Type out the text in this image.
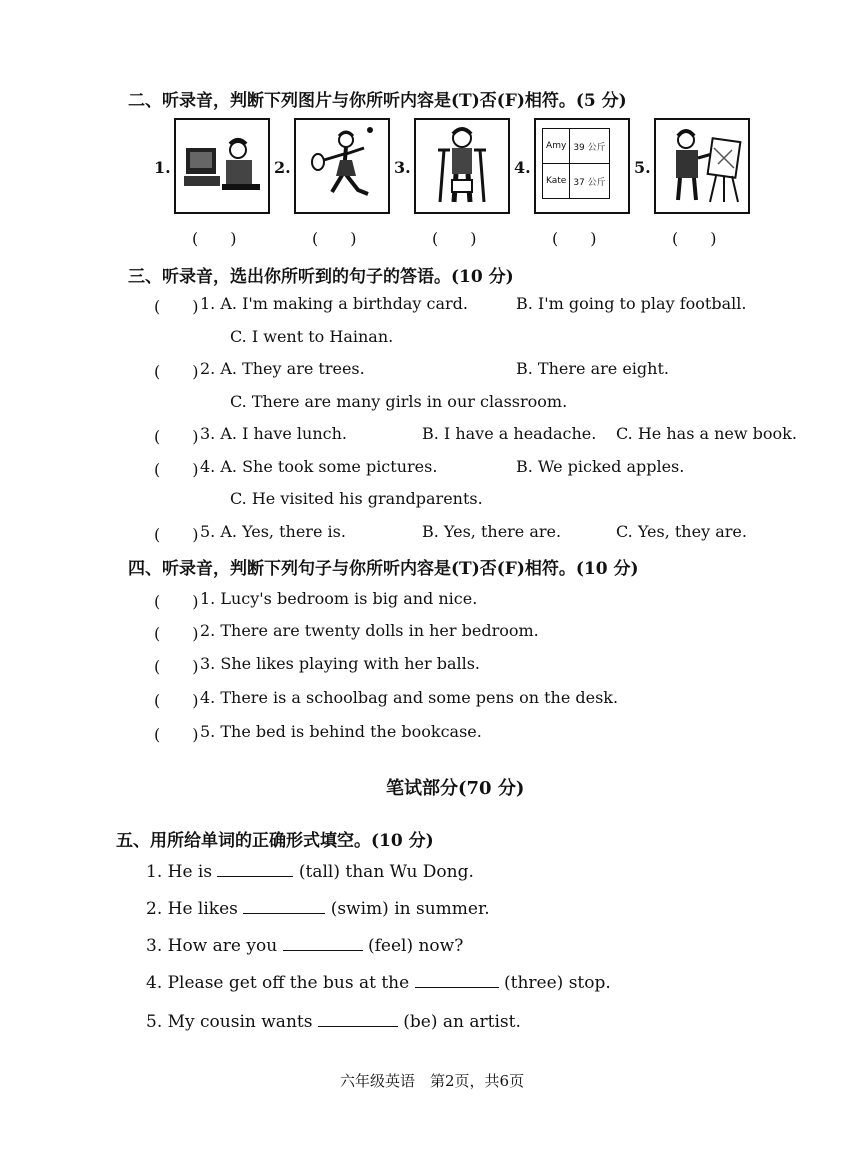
二、听录音，判断下列图片与你所听内容是(T)否(F)相符。(5 分)
1.	2.	3.	4.
Amy	39 公斤
Kate	37 公斤
5.
(　　)	(　　)	(　　)	(　　)	(　　)
三、听录音，选出你所听到的句子的答语。(10 分)
(　　) 1. A. I'm making a birthday card.	B. I'm going to play football.
C. I went to Hainan.
(　　) 2. A. They are trees.	B. There are eight.
C. There are many girls in our classroom.
(　　) 3. A. I have lunch.	B. I have a headache. C. He has a new book.
(　　) 4. A. She took some pictures.	B. We picked apples.
C. He visited his grandparents.
(　　) 5. A. Yes, there is.	B. Yes, there are.	C. Yes, they are.
四、听录音，判断下列句子与你所听内容是(T)否(F)相符。(10 分)
(　　) 1. Lucy's bedroom is big and nice.
(　　) 2. There are twenty dolls in her bedroom.
(　　) 3. She likes playing with her balls.
(　　) 4. There is a schoolbag and some pens on the desk.
(　　) 5. The bed is behind the bookcase.
笔试部分(70 分)
五、用所给单词的正确形式填空。(10 分)
1. He is	(tall) than Wu Dong.
2. He likes	(swim) in summer.
3. How are you	(feel) now?
4. Please get off the bus at the	(three) stop.
5. My cousin wants	(be) an artist.
六年级英语　第2页，共6页
